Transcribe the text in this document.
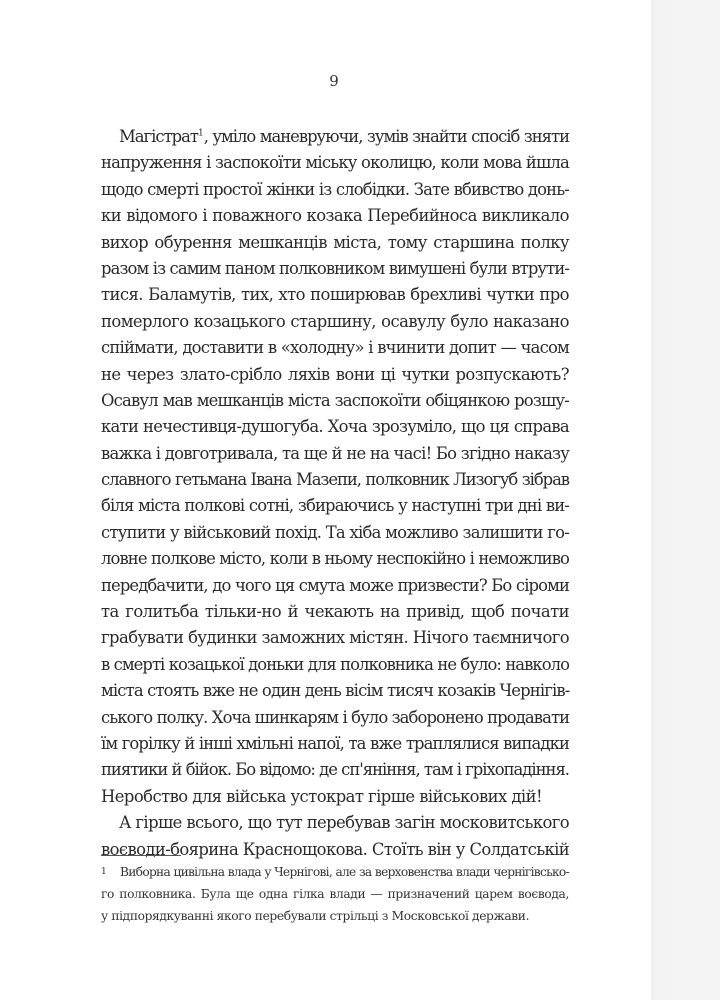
9
Магістрат$^1$, уміло маневруючи, зумів знайти спосіб зняти
напруження і заспокоїти міську околицю, коли мова йшла
щодо смерті простої жінки із слобідки. Зате вбивство донь-
ки відомого і поважного козака Перебийноса викликало
вихор обурення мешканців міста, тому старшина полку
разом із самим паном полковником вимушені були втрути-
тися. Баламутів, тих, хто поширював брехливі чутки про
померлого козацького старшину, осавулу було наказано
спіймати, доставити в «холодну» і вчинити допит — часом
не через злато-срібло ляхів вони ці чутки розпускають?
Осавул мав мешканців міста заспокоїти обіцянкою розшу-
кати нечестивця-душогуба. Хоча зрозуміло, що ця справа
важка і довготривала, та ще й не на часі! Бо згідно наказу
славного гетьмана Івана Мазепи, полковник Лизогуб зібрав
біля міста полкові сотні, збираючись у наступні три дні ви-
ступити у військовий похід. Та хіба можливо залишити го-
ловне полкове місто, коли в ньому неспокійно і неможливо
передбачити, до чого ця смута може призвести? Бо сіроми
та голитьба тільки-но й чекають на привід, щоб почати
грабувати будинки заможних містян. Нічого таємничого
в смерті козацької доньки для полковника не було: навколо
міста стоять вже не один день вісім тисяч козаків Чернігів-
ського полку. Хоча шинкарям і було заборонено продавати
їм горілку й інші хмільні напої, та вже траплялися випадки
пиятики й бійок. Бо відомо: де сп'яніння, там і гріхопадіння.
Неробство для війська устократ гірше військових дій!
А гірше всього, що тут перебував загін московитського
воєводи-боярина Краснощокова. Стоїть він у Солдатській
1 Виборна цивільна влада у Чернігові, але за верховенства влади чернігівсько-
го полковника. Була ще одна гілка влади — призначений царем воєвода,
у підпорядкуванні якого перебували стрільці з Московської держави.
